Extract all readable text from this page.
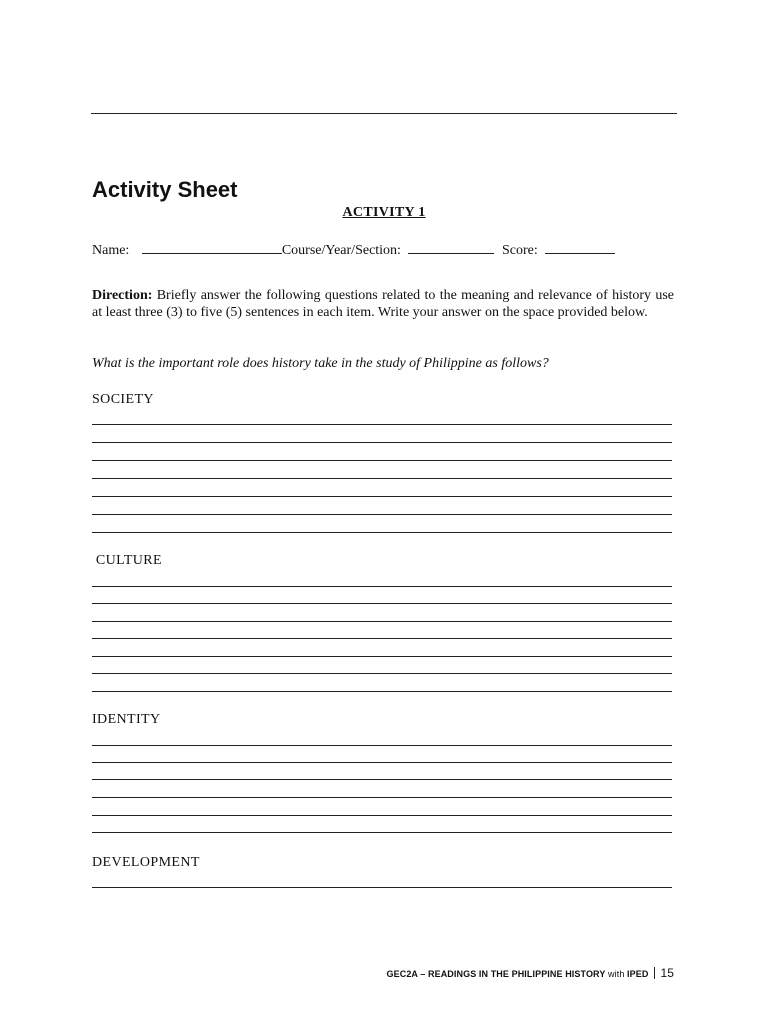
Activity Sheet

ACTIVITY 1

Name:	Course/Year/Section:	Score:

Direction: Briefly answer the following questions related to the meaning and relevance of history use at least three (3) to five (5) sentences in each item. Write your answer on the space provided below.

What is the important role does history take in the study of Philippine as follows?

SOCIETY

CULTURE

IDENTITY

DEVELOPMENT

GEC2A – READINGS IN THE PHILIPPINE HISTORY with IPED 15
